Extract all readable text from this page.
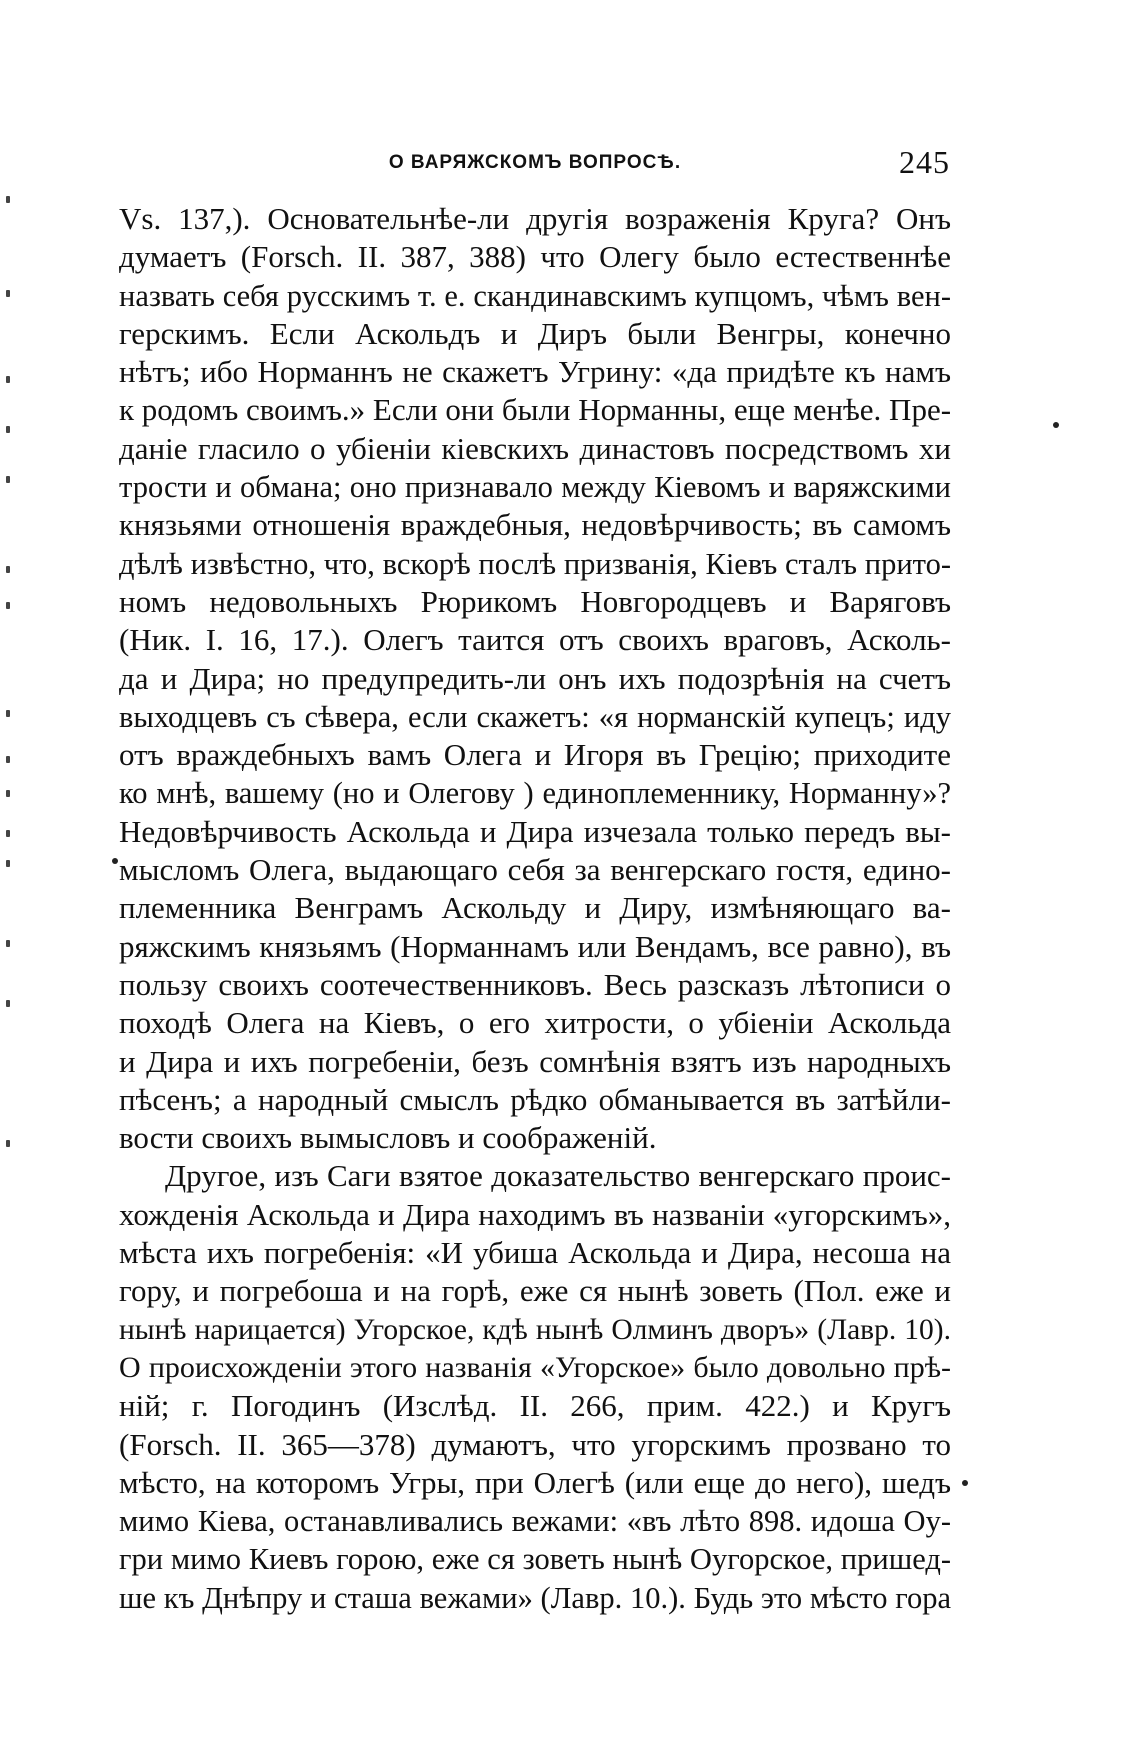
О ВАРЯЖСКОМЪ ВОПРОСѢ.	245
Vs. 137,). Основательнѣе-ли другія возраженія Круга? Онъ
думаетъ (Forsch. II. 387, 388) что Олегу было естественнѣе
назвать себя русскимъ т. е. скандинавскимъ купцомъ, чѣмъ вен-
герскимъ. Если Аскольдъ и Диръ были Венгры, конечно
нѣтъ; ибо Норманнъ не скажетъ Угрину: «да придѣте къ намъ
к родомъ своимъ.» Если они были Норманны, еще менѣе. Пре-
даніе гласило о убіеніи кіевскихъ династовъ посредствомъ хи
трости и обмана; оно признавало между Кіевомъ и варяжскими
князьями отношенія враждебныя, недовѣрчивость; въ самомъ
дѣлѣ извѣстно, что, вскорѣ послѣ призванія, Кіевъ сталъ прито-
номъ недовольныхъ Рюрикомъ Новгородцевъ и Варяговъ
(Ник. I. 16, 17.). Олегъ таится отъ своихъ враговъ, Асколь-
да и Дира; но предупредить-ли онъ ихъ подозрѣнія на счетъ
выходцевъ съ сѣвера, если скажетъ: «я норманскій купецъ; иду
отъ враждебныхъ вамъ Олега и Игоря въ Грецію; приходите
ко мнѣ, вашему (но и Олегову ) единоплеменнику, Норманну»?
Недовѣрчивость Аскольда и Дира изчезала только передъ вы-
мысломъ Олега, выдающаго себя за венгерскаго гостя, едино-
племенника Венграмъ Аскольду и Диру, измѣняющаго ва-
ряжскимъ князьямъ (Норманнамъ или Вендамъ, все равно), въ
пользу своихъ соотечественниковъ. Весь разсказъ лѣтописи о
походѣ Олега на Кіевъ, о его хитрости, о убіеніи Аскольда
и Дира и ихъ погребеніи, безъ сомнѣнія взятъ изъ народныхъ
пѣсенъ; а народный смыслъ рѣдко обманывается въ затѣйли-
вости своихъ вымысловъ и соображеній.
Другое, изъ Саги взятое доказательство венгерскаго проис-
хожденія Аскольда и Дира находимъ въ названіи «угорскимъ»,
мѣста ихъ погребенія: «И убиша Аскольда и Дира, несоша на
гору, и погребоша и на горѣ, еже ся нынѣ зоветь (Пол. еже и
нынѣ нарицается) Угорское, кдѣ нынѣ Олминъ дворъ» (Лавр. 10).
О происхожденіи этого названія «Угорское» было довольно прѣ-
ній; г. Погодинъ (Изслѣд. II. 266, прим. 422.) и Кругъ
(Forsch. II. 365—378) думаютъ, что угорскимъ прозвано то
мѣсто, на которомъ Угры, при Олегѣ (или еще до него), шедъ
мимо Кіева, останавливались вежами: «въ лѣто 898. идоша Оу-
гри мимо Киевъ горою, еже ся зоветь нынѣ Оугорское, пришед-
ше къ Днѣпру и сташа вежами» (Лавр. 10.). Будь это мѣсто гора
